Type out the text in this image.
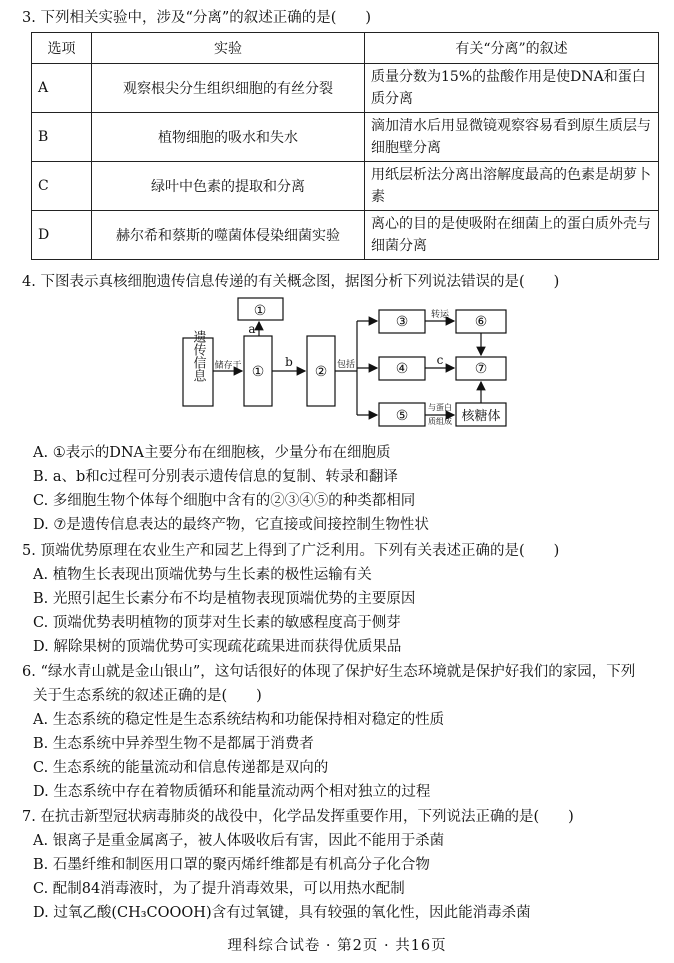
3. 下列相关实验中，涉及“分离”的叙述正确的是(　　)
选项	实验	有关“分离”的叙述
A	观察根尖分生组织细胞的有丝分裂	质量分数为15%的盐酸作用是使DNA和蛋白质分离
B	植物细胞的吸水和失水	滴加清水后用显微镜观察容易看到原生质层与细胞壁分离
C	绿叶中色素的提取和分离	用纸层析法分离出溶解度最高的色素是胡萝卜素
D	赫尔希和蔡斯的噬菌体侵染细菌实验	离心的目的是使吸附在细菌上的蛋白质外壳与细菌分离
4. 下图表示真核细胞遗传信息传递的有关概念图，据图分析下列说法错误的是(　　)
遗传信息 储存于
①
a
①
b
② 包括
③
④
⑤
转运
c
与蛋白
质组成
⑥
⑦
核糖体
A. ①表示的DNA主要分布在细胞核，少量分布在细胞质
B. a、b和c过程可分别表示遗传信息的复制、转录和翻译
C. 多细胞生物个体每个细胞中含有的②③④⑤的种类都相同
D. ⑦是遗传信息表达的最终产物，它直接或间接控制生物性状
5. 顶端优势原理在农业生产和园艺上得到了广泛利用。下列有关表述正确的是(　　)
A. 植物生长表现出顶端优势与生长素的极性运输有关
B. 光照引起生长素分布不均是植物表现顶端优势的主要原因
C. 顶端优势表明植物的顶芽对生长素的敏感程度高于侧芽
D. 解除果树的顶端优势可实现疏花疏果进而获得优质果品
6. “绿水青山就是金山银山”，这句话很好的体现了保护好生态环境就是保护好我们的家园，下列
关于生态系统的叙述正确的是(　　)
A. 生态系统的稳定性是生态系统结构和功能保持相对稳定的性质
B. 生态系统中异养型生物不是都属于消费者
C. 生态系统的能量流动和信息传递都是双向的
D. 生态系统中存在着物质循环和能量流动两个相对独立的过程
7. 在抗击新型冠状病毒肺炎的战役中，化学品发挥重要作用，下列说法正确的是(　　)
A. 银离子是重金属离子，被人体吸收后有害，因此不能用于杀菌
B. 石墨纤维和制医用口罩的聚丙烯纤维都是有机高分子化合物
C. 配制84消毒液时，为了提升消毒效果，可以用热水配制
D. 过氧乙酸(CH₃COOOH)含有过氧键，具有较强的氧化性，因此能消毒杀菌
理科综合试卷 · 第2页 · 共16页
